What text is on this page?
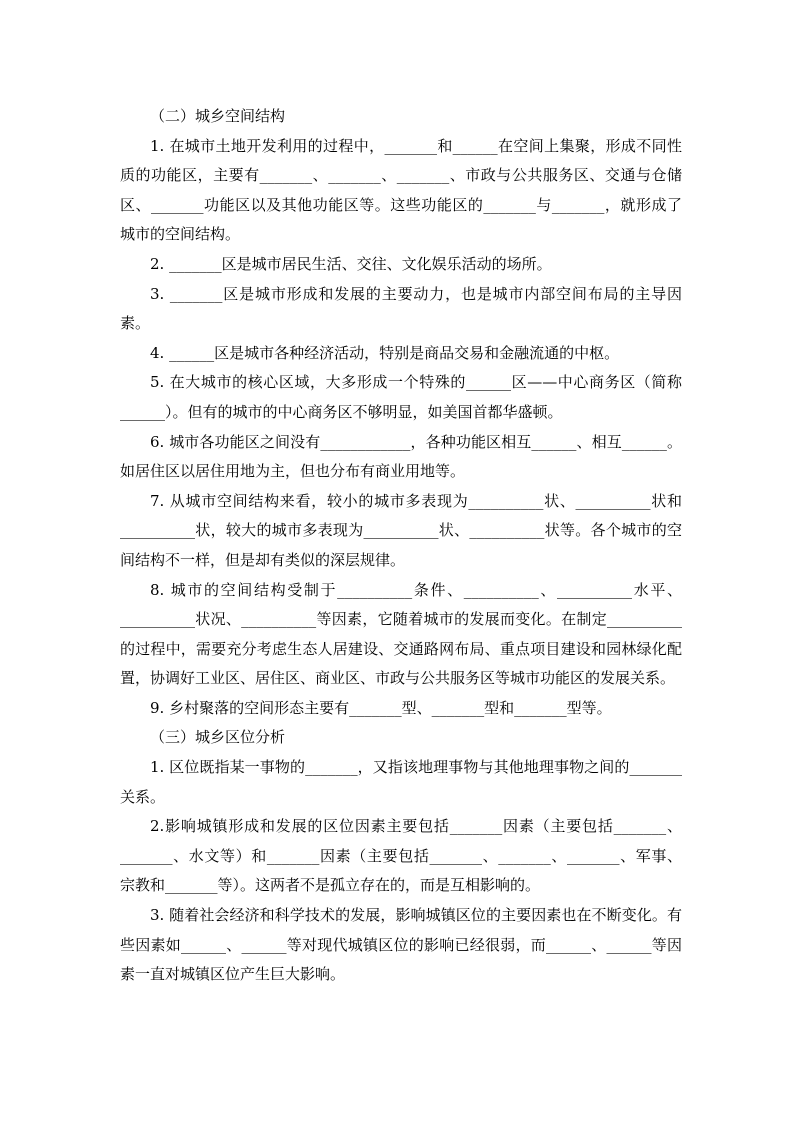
（二）城乡空间结构

1. 在城市土地开发利用的过程中，_______和______在空间上集聚，形成不同性质的功能区，主要有_______、_______、_______、市政与公共服务区、交通与仓储区、_______功能区以及其他功能区等。这些功能区的_______与_______，就形成了城市的空间结构。

2. _______区是城市居民生活、交往、文化娱乐活动的场所。

3. _______区是城市形成和发展的主要动力，也是城市内部空间布局的主导因素。

4. ______区是城市各种经济活动，特别是商品交易和金融流通的中枢。

5. 在大城市的核心区域，大多形成一个特殊的______区——中心商务区（简称______）。但有的城市的中心商务区不够明显，如美国首都华盛顿。

6. 城市各功能区之间没有____________，各种功能区相互______、相互______。如居住区以居住用地为主，但也分布有商业用地等。

7. 从城市空间结构来看，较小的城市多表现为__________状、__________状和__________状，较大的城市多表现为__________状、__________状等。各个城市的空间结构不一样，但是却有类似的深层规律。

8. 城市的空间结构受制于__________条件、__________、__________水平、__________状况、__________等因素，它随着城市的发展而变化。在制定__________的过程中，需要充分考虑生态人居建设、交通路网布局、重点项目建设和园林绿化配置，协调好工业区、居住区、商业区、市政与公共服务区等城市功能区的发展关系。

9. 乡村聚落的空间形态主要有_______型、_______型和_______型等。

（三）城乡区位分析

1. 区位既指某一事物的_______，又指该地理事物与其他地理事物之间的_______关系。

2.影响城镇形成和发展的区位因素主要包括_______因素（主要包括_______、_______、水文等）和_______因素（主要包括_______、_______、_______、军事、宗教和_______等）。这两者不是孤立存在的，而是互相影响的。

3. 随着社会经济和科学技术的发展，影响城镇区位的主要因素也在不断变化。有些因素如______、______等对现代城镇区位的影响已经很弱，而______、______等因素一直对城镇区位产生巨大影响。
